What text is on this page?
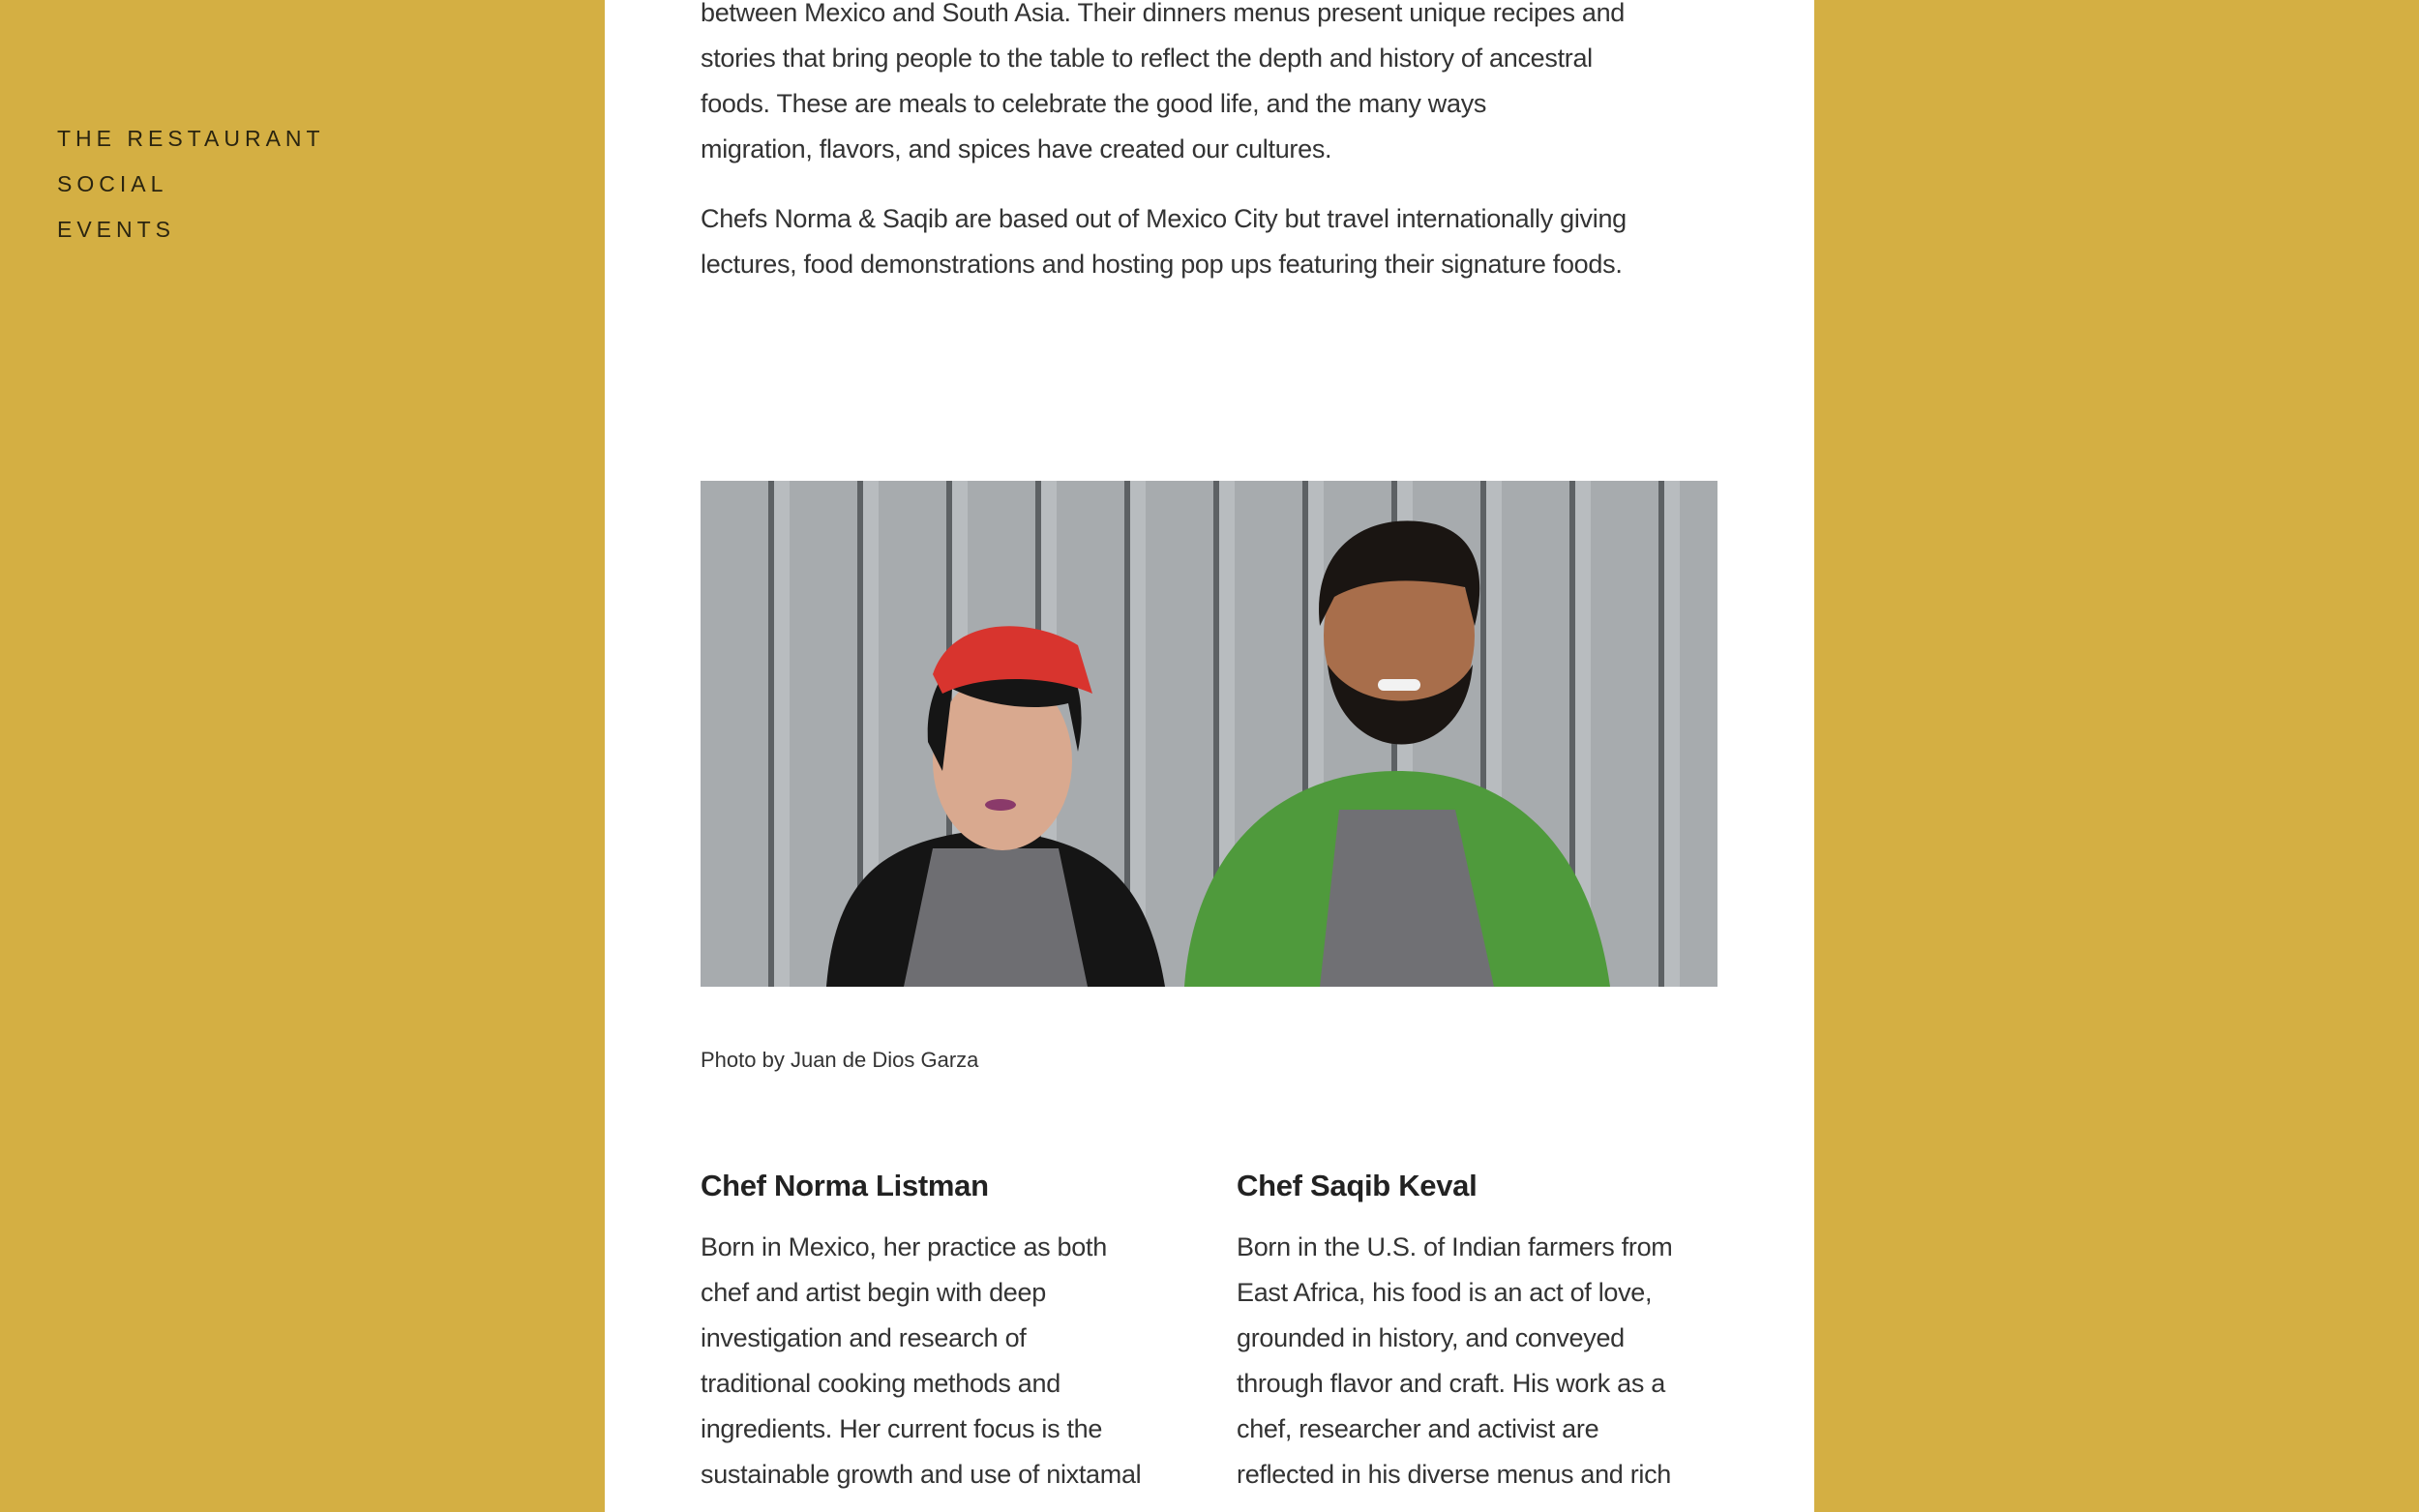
THE RESTAURANT
SOCIAL
EVENTS
between Mexico and South Asia. Their dinners menus present unique recipes and
stories that bring people to the table to reflect the depth and history of ancestral
foods. These are meals to celebrate the good life, and the many ways
migration, flavors, and spices have created our cultures.
Chefs Norma & Saqib are based out of Mexico City but travel internationally giving
lectures, food demonstrations and hosting pop ups featuring their signature foods.
Photo by Juan de Dios Garza
Chef Norma Listman
Born in Mexico, her practice as both
chef and artist begin with deep
investigation and research of
traditional cooking methods and
ingredients. Her current focus is the
sustainable growth and use of nixtamal
Chef Saqib Keval
Born in the U.S. of Indian farmers from
East Africa, his food is an act of love,
grounded in history, and conveyed
through flavor and craft. His work as a
chef, researcher and activist are
reflected in his diverse menus and rich
